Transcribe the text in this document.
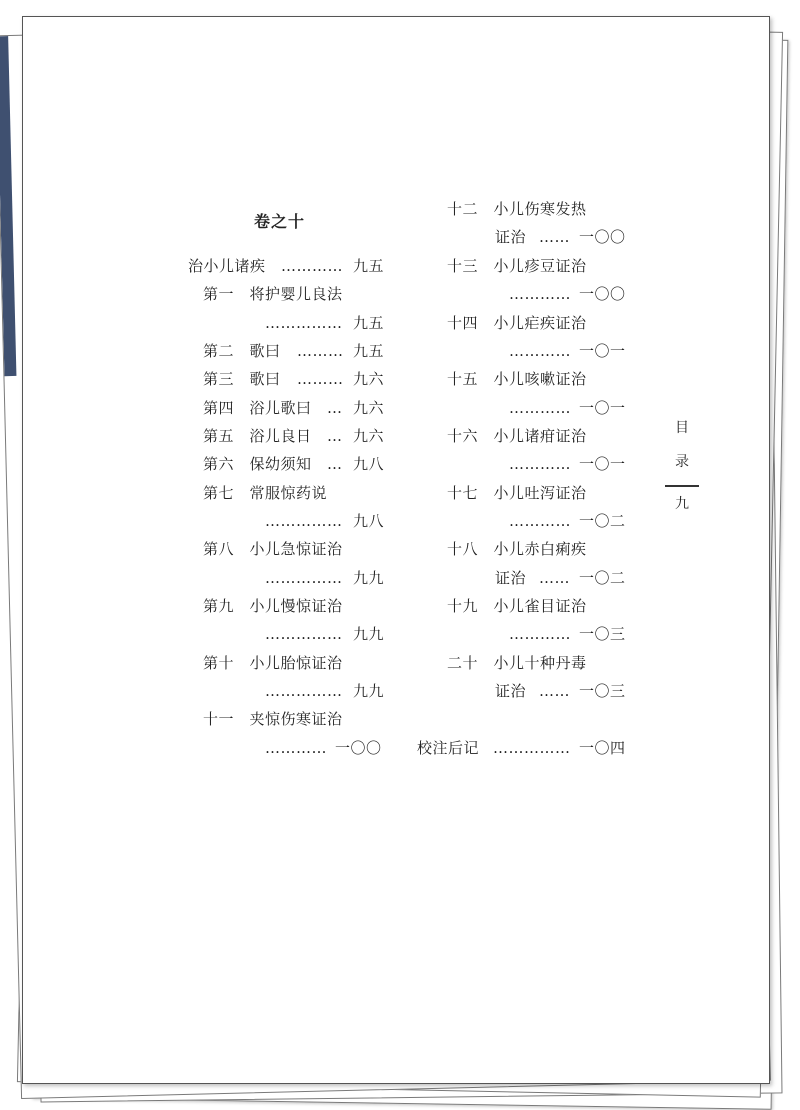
卷之十
治小儿诸疾 ………… 九五
第一　将护婴儿良法
…………… 九五
第二　歌曰 ……… 九五
第三　歌曰 ……… 九六
第四　浴儿歌曰 … 九六
第五　浴儿良日 … 九六
第六　保幼须知 … 九八
第七　常服惊药说
…………… 九八
第八　小儿急惊证治
…………… 九九
第九　小儿慢惊证治
…………… 九九
第十　小儿胎惊证治
…………… 九九
十一　夹惊伤寒证治
………… 一〇〇
十二　小儿伤寒发热
证治 …… 一〇〇
十三　小儿疹豆证治
………… 一〇〇
十四　小儿疟疾证治
………… 一〇一
十五　小儿咳嗽证治
………… 一〇一
十六　小儿诸疳证治
………… 一〇一
十七　小儿吐泻证治
………… 一〇二
十八　小儿赤白痢疾
证治 …… 一〇二
十九　小儿雀目证治
………… 一〇三
二十　小儿十种丹毒
证治 …… 一〇三
校注后记 …………… 一〇四
目
录
九
